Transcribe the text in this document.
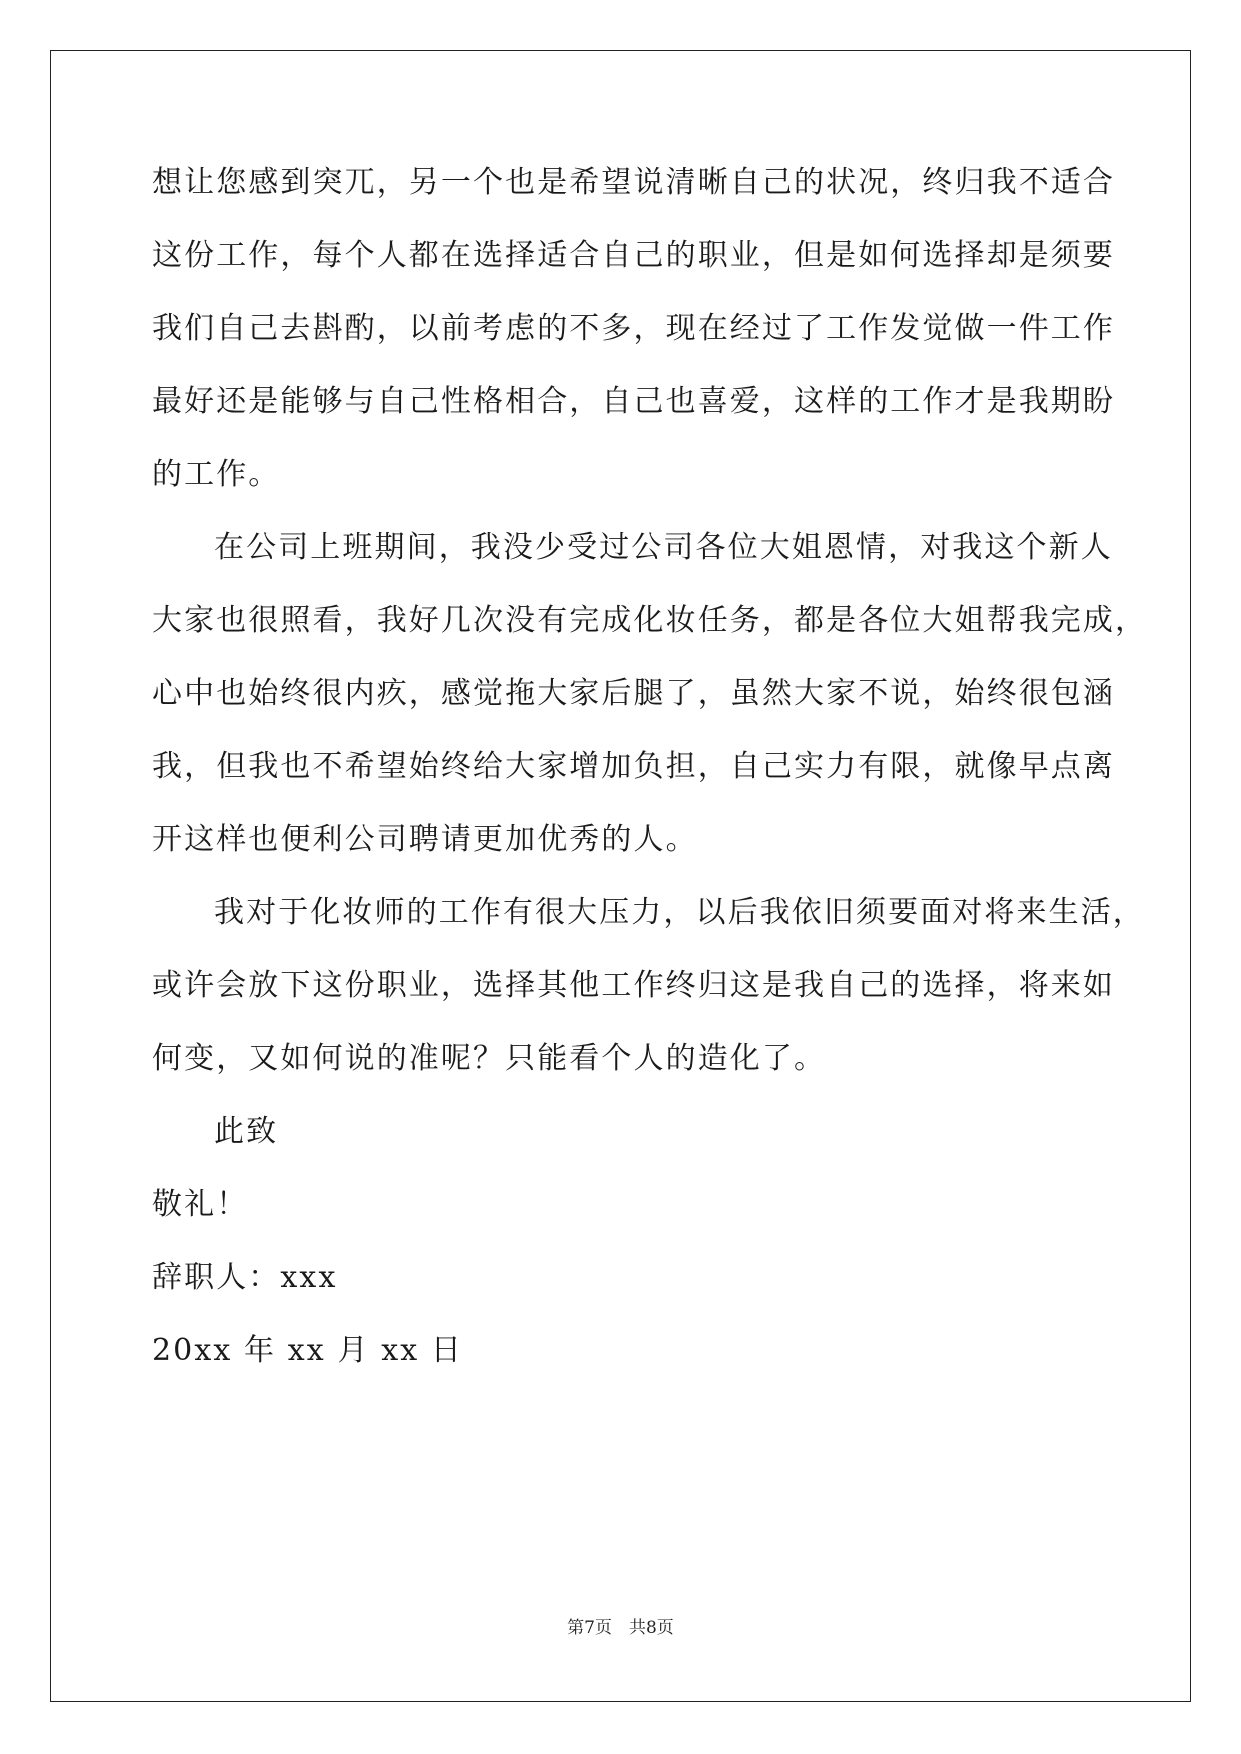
想让您感到突兀，另一个也是希望说清晰自己的状况，终归我不适合
这份工作，每个人都在选择适合自己的职业，但是如何选择却是须要
我们自己去斟酌，以前考虑的不多，现在经过了工作发觉做一件工作
最好还是能够与自己性格相合，自己也喜爱，这样的工作才是我期盼
的工作。
在公司上班期间，我没少受过公司各位大姐恩情，对我这个新人
大家也很照看，我好几次没有完成化妆任务，都是各位大姐帮我完成，
心中也始终很内疚，感觉拖大家后腿了，虽然大家不说，始终很包涵
我，但我也不希望始终给大家增加负担，自己实力有限，就像早点离
开这样也便利公司聘请更加优秀的人。
我对于化妆师的工作有很大压力，以后我依旧须要面对将来生活，
或许会放下这份职业，选择其他工作终归这是我自己的选择，将来如
何变，又如何说的准呢？只能看个人的造化了。
此致
敬礼！
辞职人：xxx
20xx 年 xx 月 xx 日
第7页　共8页
